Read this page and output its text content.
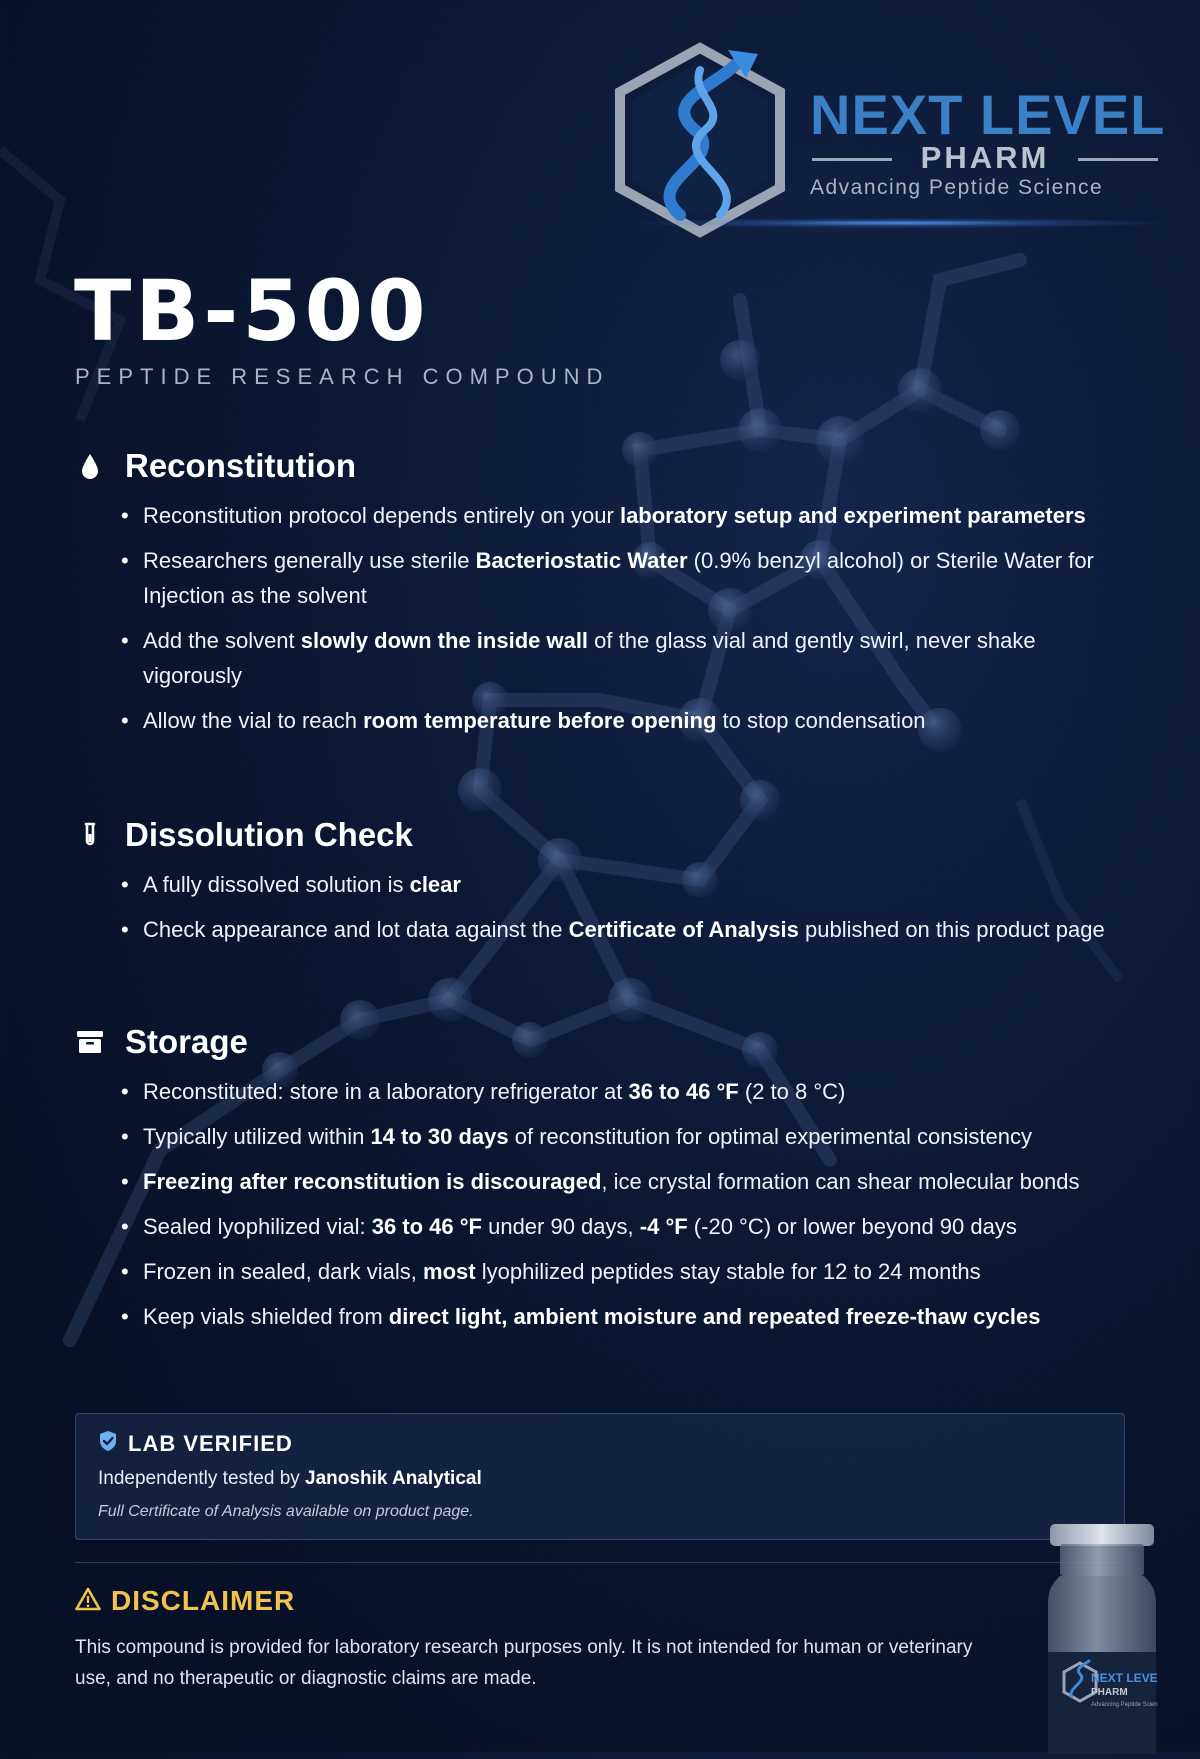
NEXT LEVEL
PHARM
Advancing Peptide Science
TB-500
PEPTIDE RESEARCH COMPOUND
Reconstitution
• Reconstitution protocol depends entirely on your laboratory setup and experiment parameters
• Researchers generally use sterile Bacteriostatic Water (0.9% benzyl alcohol) or Sterile Water for Injection as the solvent
• Add the solvent slowly down the inside wall of the glass vial and gently swirl, never shake vigorously
• Allow the vial to reach room temperature before opening to stop condensation
Dissolution Check
• A fully dissolved solution is clear
• Check appearance and lot data against the Certificate of Analysis published on this product page
Storage
• Reconstituted: store in a laboratory refrigerator at 36 to 46 °F (2 to 8 °C)
• Typically utilized within 14 to 30 days of reconstitution for optimal experimental consistency
• Freezing after reconstitution is discouraged, ice crystal formation can shear molecular bonds
• Sealed lyophilized vial: 36 to 46 °F under 90 days, -4 °F (-20 °C) or lower beyond 90 days
• Frozen in sealed, dark vials, most lyophilized peptides stay stable for 12 to 24 months
• Keep vials shielded from direct light, ambient moisture and repeated freeze-thaw cycles
LAB VERIFIED
Independently tested by Janoshik Analytical
Full Certificate of Analysis available on product page.
DISCLAIMER
This compound is provided for laboratory research purposes only. It is not intended for human or veterinary use, and no therapeutic or diagnostic claims are made.	NEXT LEVEL
PHARM
Advancing Peptide Science
